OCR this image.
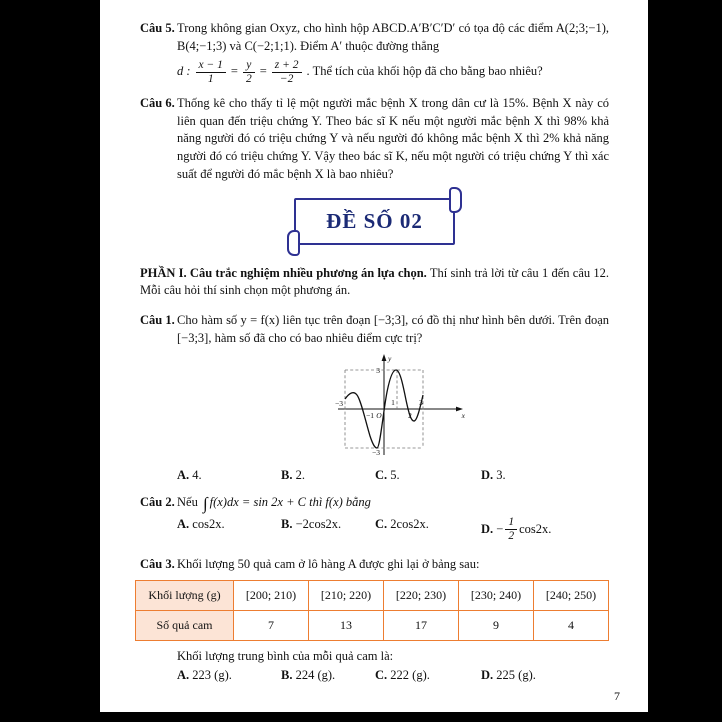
Câu 5. Trong không gian Oxyz, cho hình hộp ABCD.A′B′C′D′ có tọa độ các điểm A(2;3;−1), B(4;−1;3) và C(−2;1;1). Điểm A′ thuộc đường thẳng
d : $\frac{x - 1}{1} = \frac{y}{2} = \frac{z + 2}{-2}$ . Thể tích của khối hộp đã cho bằng bao nhiêu?
Câu 6. Thống kê cho thấy tỉ lệ một người mắc bệnh X trong dân cư là 15%. Bệnh X này có liên quan đến triệu chứng Y. Theo bác sĩ K nếu một người mắc bệnh X thì 98% khả năng người đó có triệu chứng Y và nếu người đó không mắc bệnh X thì 2% khả năng người đó có triệu chứng Y. Vậy theo bác sĩ K, nếu một người có triệu chứng Y thì xác suất để người đó mắc bệnh X là bao nhiêu?
ĐỀ SỐ 02

PHẦN I. Câu trắc nghiệm nhiều phương án lựa chọn. Thí sinh trả lời từ câu 1 đến câu 12. Mỗi câu hỏi thí sinh chọn một phương án.

Câu 1. Cho hàm số y = f(x) liên tục trên đoạn [−3;3], có đồ thị như hình bên dưới. Trên đoạn [−3;3], hàm số đã cho có bao nhiêu điểm cực trị?
3
−3
−3
−1 O
1
2
3
x
y
A. 4.	B. 2.	C. 5.	D. 3.
Câu 2. Nếu
∫ f(x)dx = sin 2x + C thì f(x) bằng
A. cos2x.	B. −2cos2x.	C. 2cos2x.	D.
− $\frac{1}{2} \cos 2x$.
Câu 3. Khối lượng 50 quả cam ở lô hàng A được ghi lại ở bảng sau:
Khối lượng (g)	[200; 210)	[210; 220)	[220; 230)	[230; 240)	[240; 250)
Số quả cam	7	13	17	9	4
Khối lượng trung bình của mỗi quả cam là:
A. 223 (g).	B. 224 (g).	C. 222 (g).	D. 225 (g).
7
